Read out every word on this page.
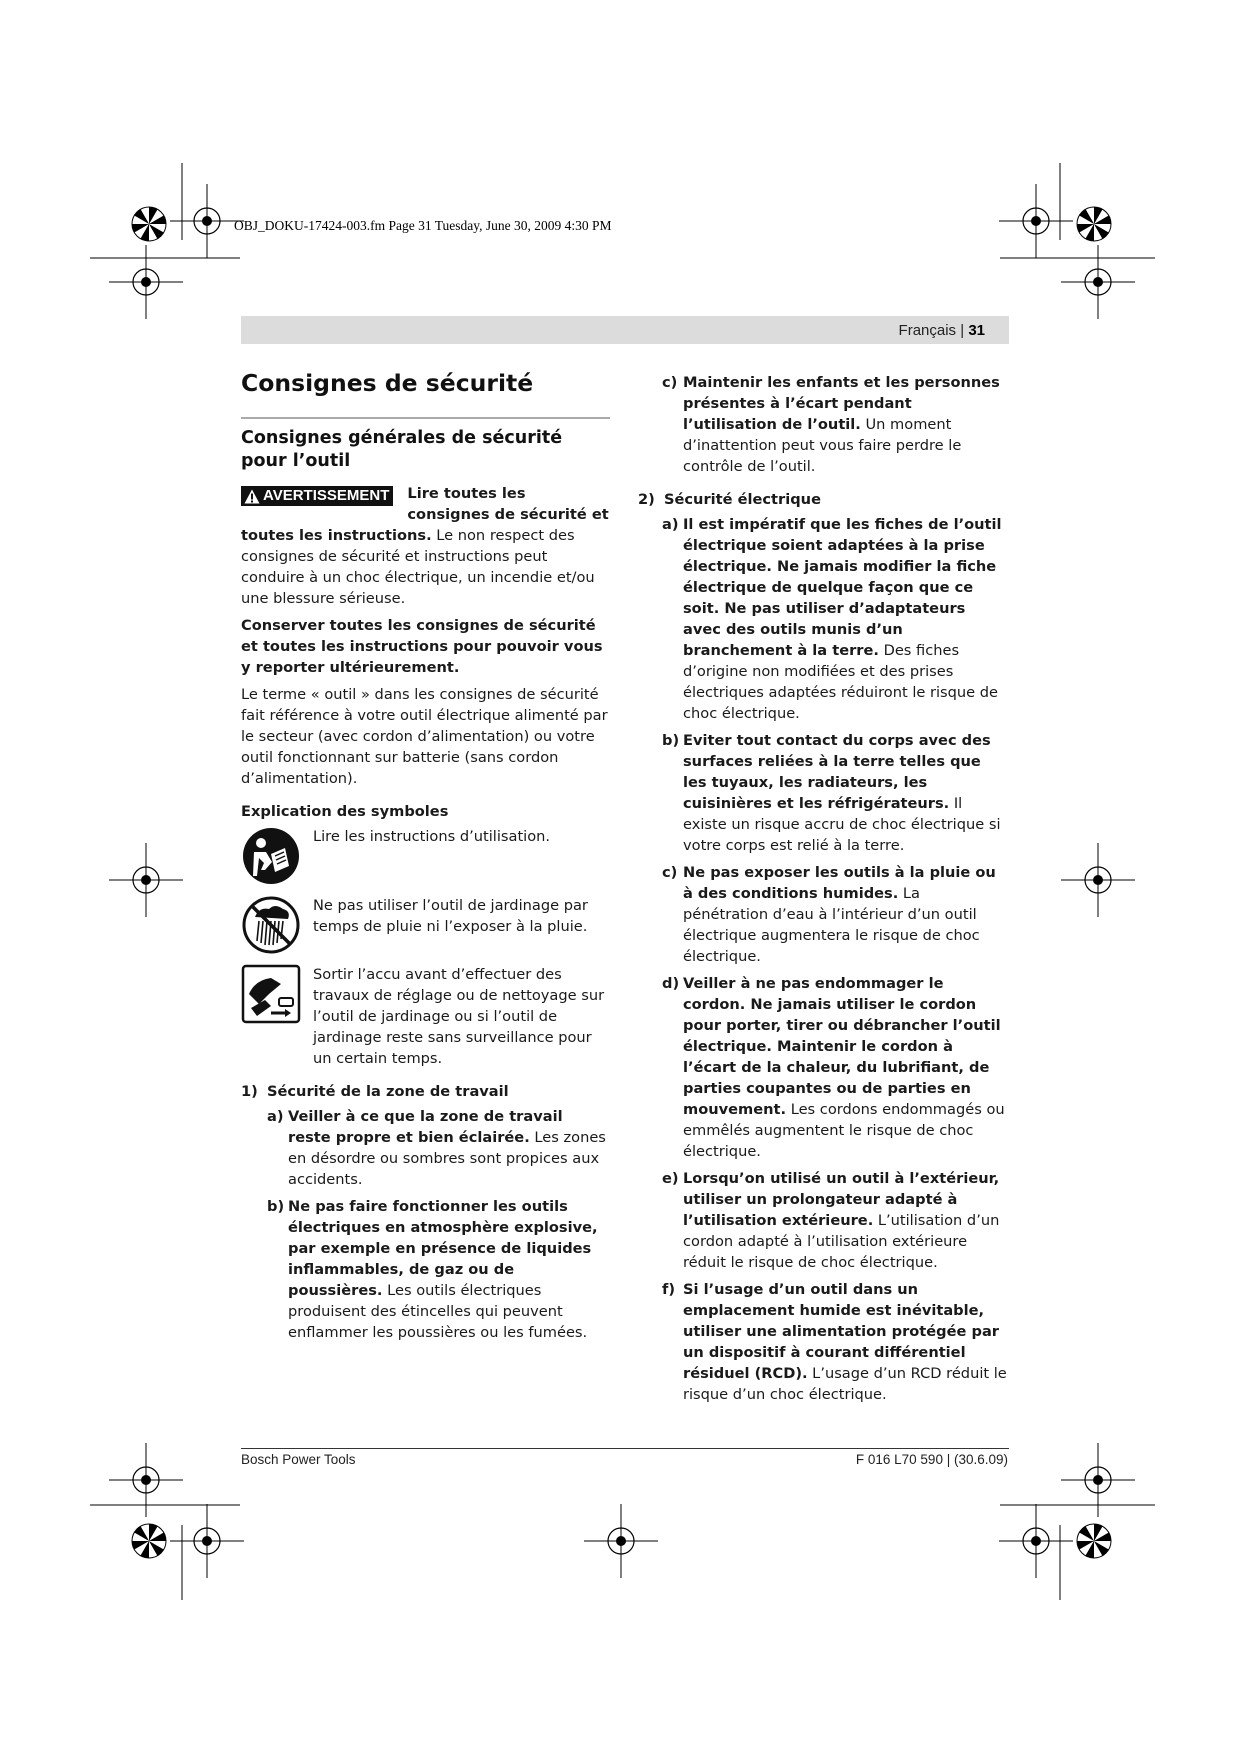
OBJ_DOKU-17424-003.fm Page 31 Tuesday, June 30, 2009 4:30 PM
Français | 31
Consignes de sécurité
Consignes générales de sécurité pour l’outil

AVERTISSEMENT Lire toutes les consignes de sécurité et toutes les instructions. Le non respect des consignes de sécurité et instructions peut conduire à un choc électrique, un incendie et/ou une blessure sérieuse.

Conserver toutes les consignes de sécurité et toutes les instructions pour pouvoir vous y reporter ultérieurement.

Le terme « outil » dans les consignes de sécurité fait référence à votre outil électrique alimenté par le secteur (avec cordon d’alimentation) ou votre outil fonctionnant sur batterie (sans cordon d’alimentation).

Explication des symboles
Lire les instructions d’utilisation.
Ne pas utiliser l’outil de jardinage par temps de pluie ni l’exposer à la pluie.
Sortir l’accu avant d’effectuer des travaux de réglage ou de nettoyage sur l’outil de jardinage ou si l’outil de jardinage reste sans surveillance pour un certain temps.
1) Sécurité de la zone de travail
a) Veiller à ce que la zone de travail reste propre et bien éclairée. Les zones en désordre ou sombres sont propices aux accidents.
b) Ne pas faire fonctionner les outils électriques en atmosphère explosive, par exemple en présence de liquides inflammables, de gaz ou de poussières. Les outils électriques produisent des étincelles qui peuvent enflammer les poussières ou les fumées.
c) Maintenir les enfants et les personnes présentes à l’écart pendant l’utilisation de l’outil. Un moment d’inattention peut vous faire perdre le contrôle de l’outil.
2) Sécurité électrique
a) Il est impératif que les fiches de l’outil électrique soient adaptées à la prise électrique. Ne jamais modifier la fiche électrique de quelque façon que ce soit. Ne pas utiliser d’adaptateurs avec des outils munis d’un branchement à la terre. Des fiches d’origine non modifiées et des prises électriques adaptées réduiront le risque de choc électrique.
b) Eviter tout contact du corps avec des surfaces reliées à la terre telles que les tuyaux, les radiateurs, les cuisinières et les réfrigérateurs. Il existe un risque accru de choc électrique si votre corps est relié à la terre.
c) Ne pas exposer les outils à la pluie ou à des conditions humides. La pénétration d’eau à l’intérieur d’un outil électrique augmentera le risque de choc électrique.
d) Veiller à ne pas endommager le cordon. Ne jamais utiliser le cordon pour porter, tirer ou débrancher l’outil électrique. Maintenir le cordon à l’écart de la chaleur, du lubrifiant, de parties coupantes ou de parties en mouvement. Les cordons endommagés ou emmêlés augmentent le risque de choc électrique.
e) Lorsqu’on utilisé un outil à l’extérieur, utiliser un prolongateur adapté à l’utilisation extérieure. L’utilisation d’un cordon adapté à l’utilisation extérieure réduit le risque de choc électrique.
f) Si l’usage d’un outil dans un emplacement humide est inévitable, utiliser une alimentation protégée par un dispositif à courant différentiel résiduel (RCD). L’usage d’un RCD réduit le risque d’un choc électrique.
Bosch Power Tools	F 016 L70 590 | (30.6.09)
